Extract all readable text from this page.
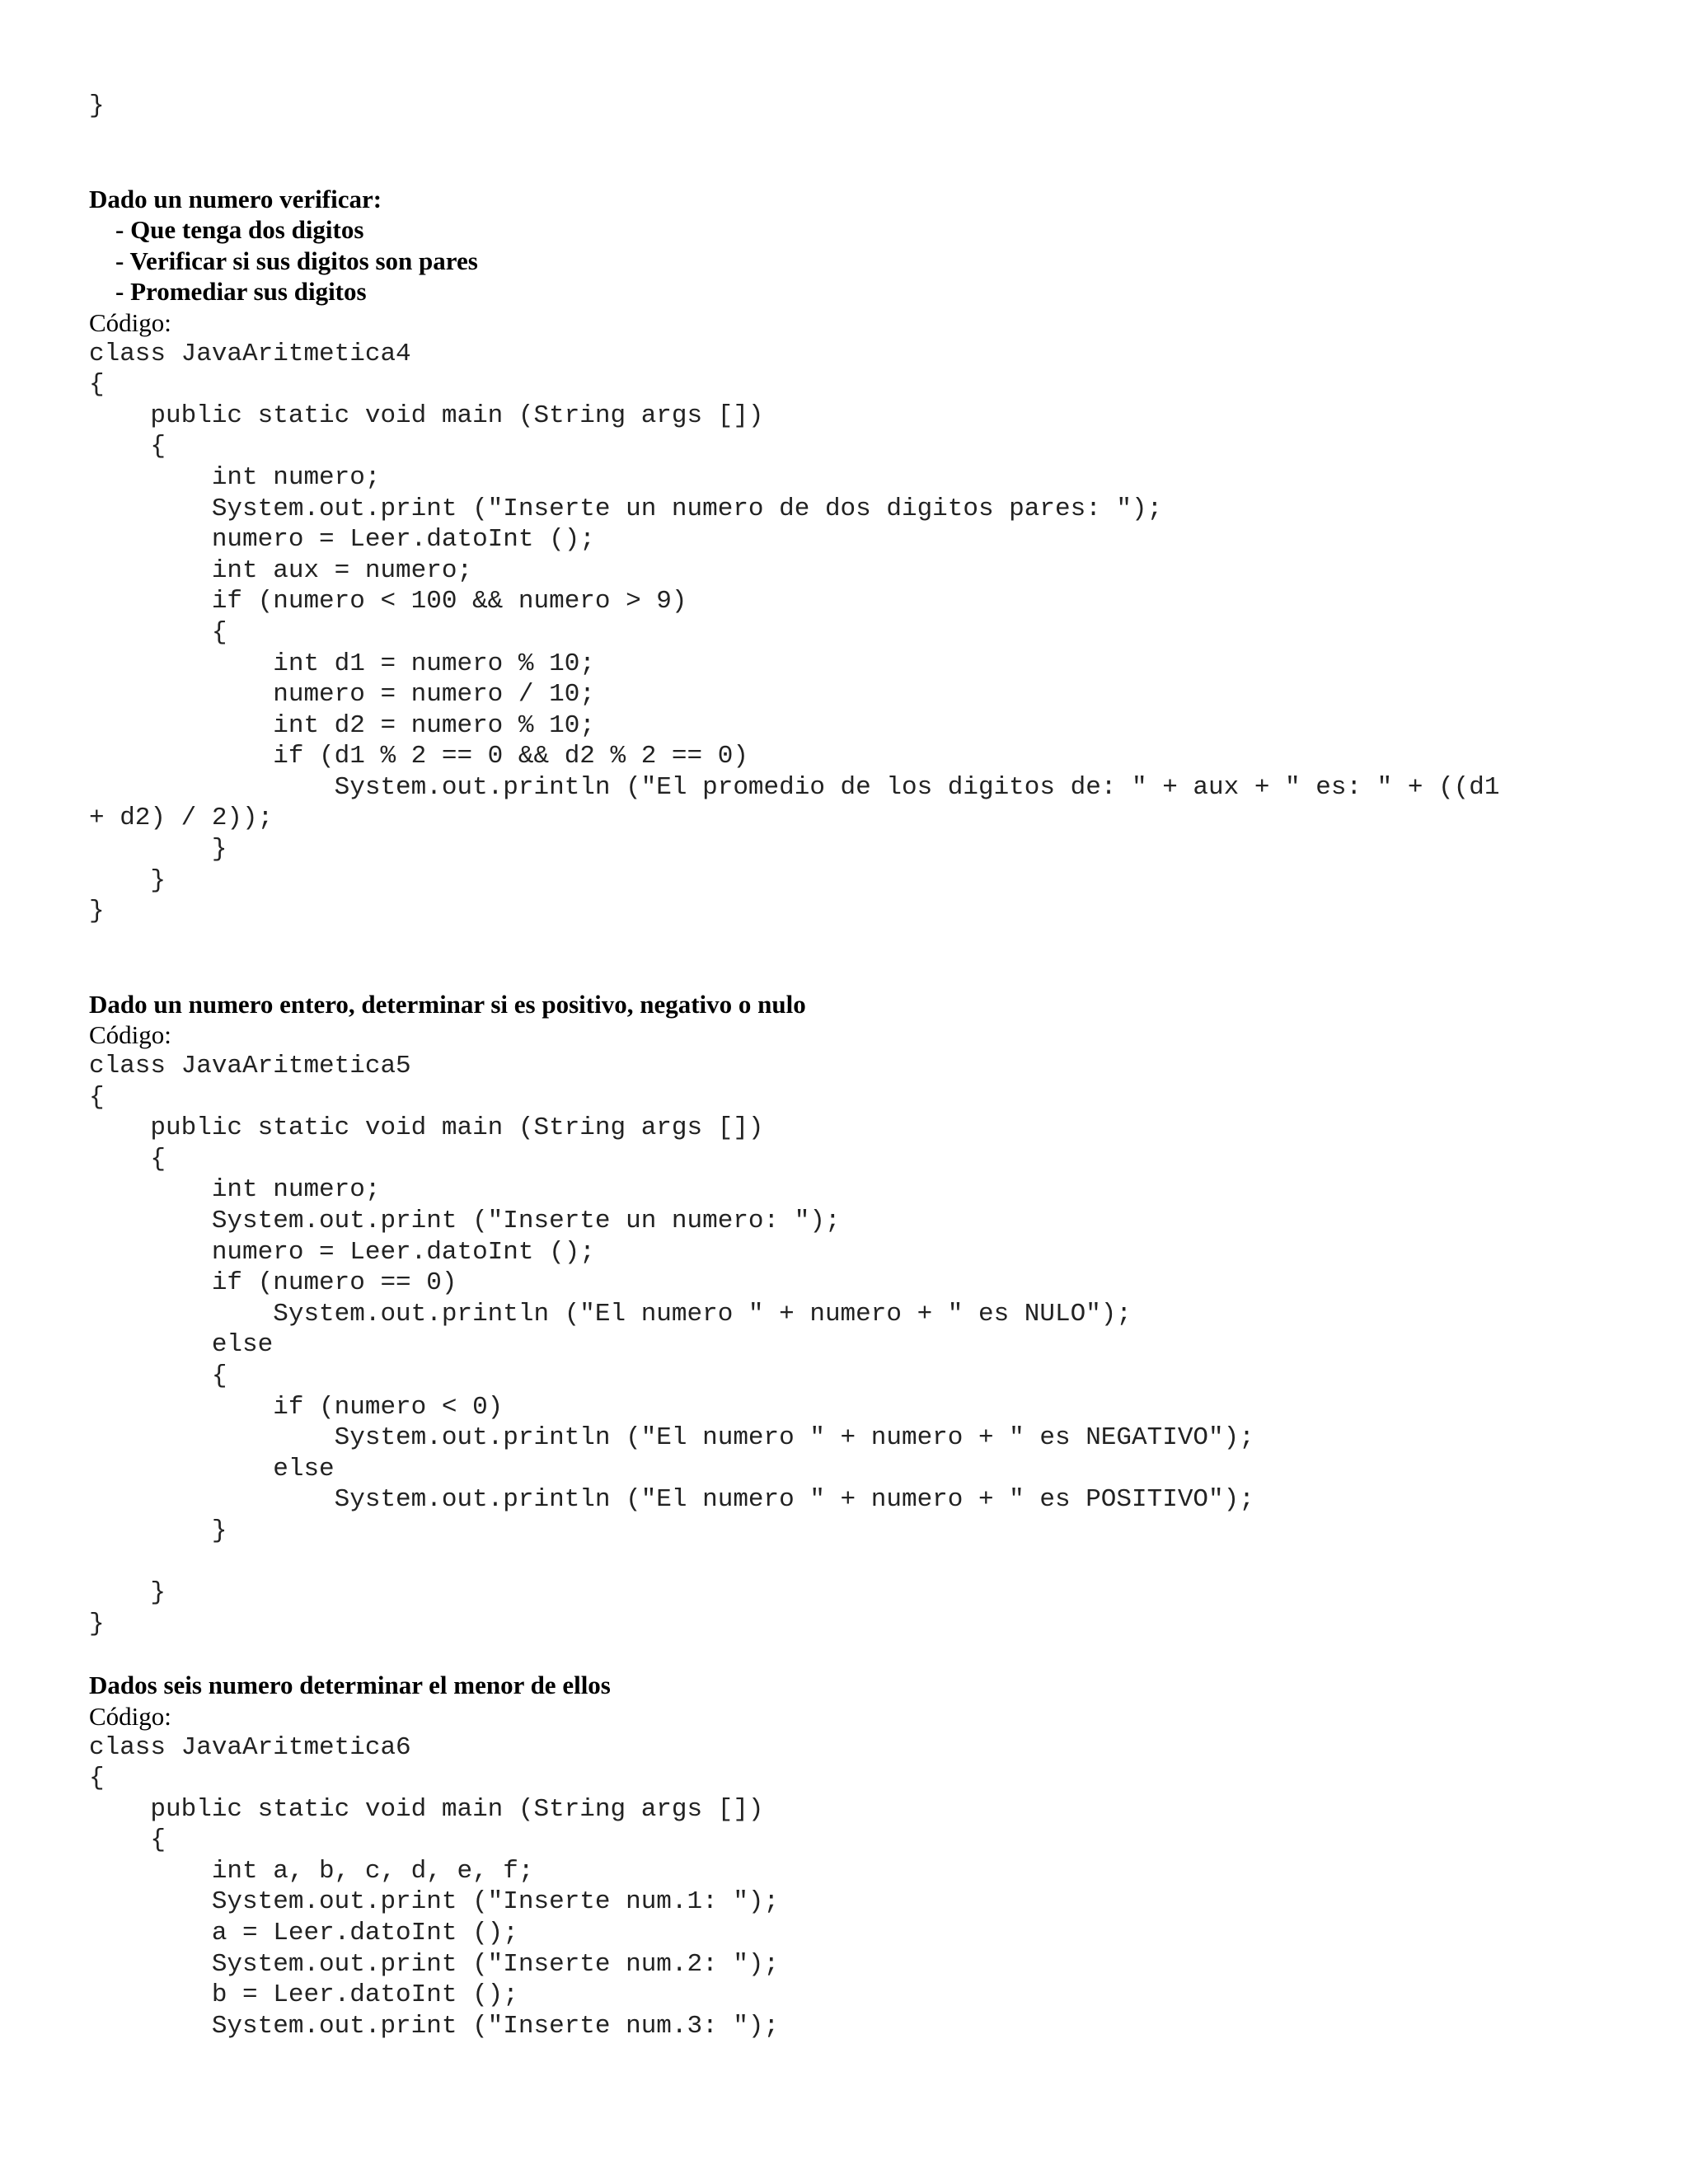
}
Dado un numero verificar:
- Que tenga dos digitos
- Verificar si sus digitos son pares
- Promediar sus digitos
Código:
class JavaAritmetica4
{
public static void main (String args [])
{
int numero;
System.out.print ("Inserte un numero de dos digitos pares: ");
numero = Leer.datoInt ();
int aux = numero;
if (numero < 100 && numero > 9)
{
int d1 = numero % 10;
numero = numero / 10;
int d2 = numero % 10;
if (d1 % 2 == 0 && d2 % 2 == 0)
System.out.println ("El promedio de los digitos de: " + aux + " es: " + ((d1
+ d2) / 2));
}
}
}
Dado un numero entero, determinar si es positivo, negativo o nulo
Código:
class JavaAritmetica5
{
public static void main (String args [])
{
int numero;
System.out.print ("Inserte un numero: ");
numero = Leer.datoInt ();
if (numero == 0)
System.out.println ("El numero " + numero + " es NULO");
else
{
if (numero < 0)
System.out.println ("El numero " + numero + " es NEGATIVO");
else
System.out.println ("El numero " + numero + " es POSITIVO");
}
}
}
Dados seis numero determinar el menor de ellos
Código:
class JavaAritmetica6
{
public static void main (String args [])
{
int a, b, c, d, e, f;
System.out.print ("Inserte num.1: ");
a = Leer.datoInt ();
System.out.print ("Inserte num.2: ");
b = Leer.datoInt ();
System.out.print ("Inserte num.3: ");
